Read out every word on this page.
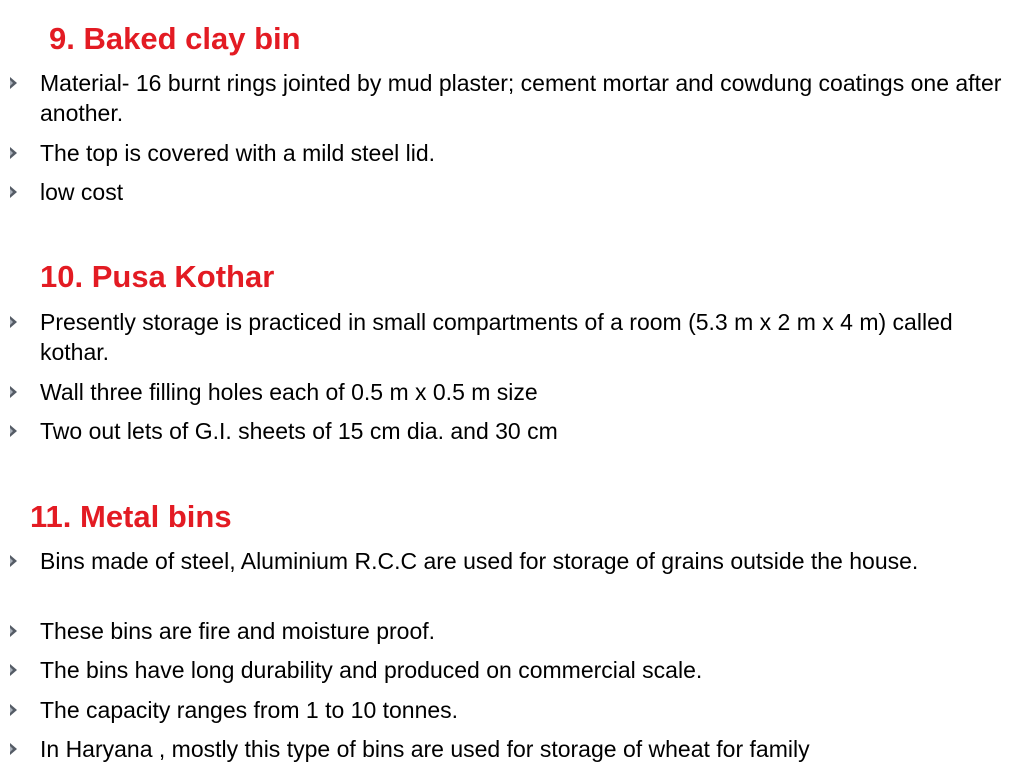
9. Baked clay bin

Material- 16 burnt rings jointed by mud plaster; cement mortar and cowdung coatings one after another.

The top is covered with a mild steel lid.

low cost

10. Pusa Kothar

Presently storage is practiced in small compartments of a room (5.3 m x 2 m x 4 m) called kothar.

Wall three filling holes each of 0.5 m x 0.5 m size

Two out lets of G.I. sheets of 15 cm dia. and 30 cm

11. Metal bins

Bins made of steel, Aluminium R.C.C are used for storage of grains outside the house.

These bins are fire and moisture proof.

The bins have long durability and produced on commercial scale.

The capacity ranges from 1 to 10 tonnes.

In Haryana , mostly this type of bins are used for storage of wheat for family
